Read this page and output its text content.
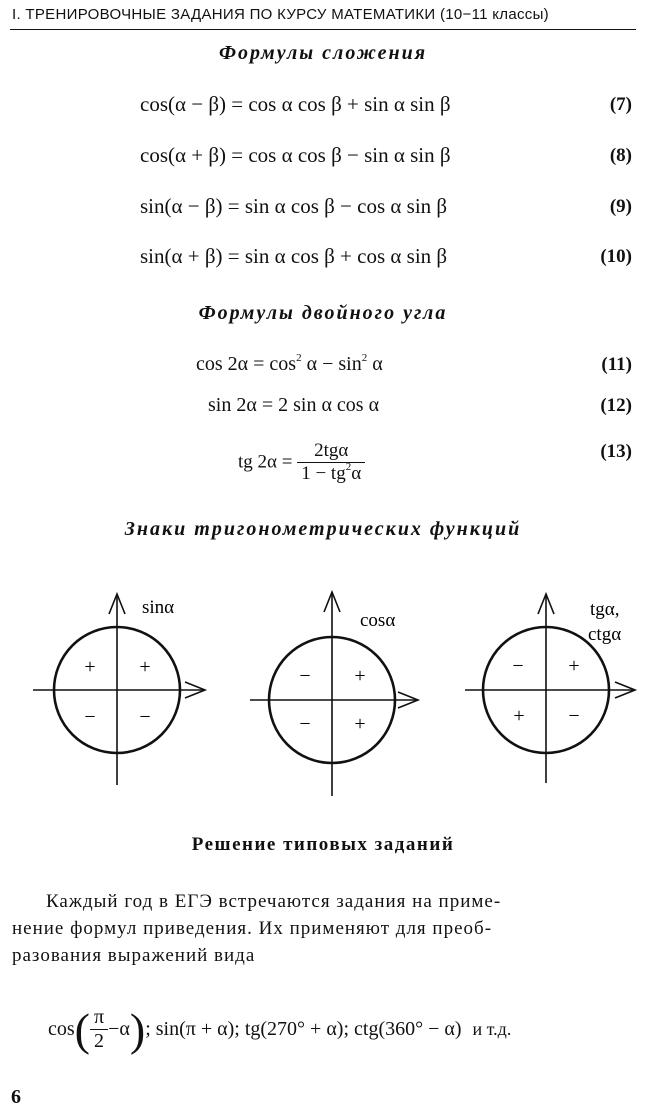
I. ТРЕНИРОВОЧНЫЕ ЗАДАНИЯ ПО КУРСУ МАТЕМАТИКИ (10−11 классы)
Формулы сложения
cos(α − β) = cos α cos β + sin α sin β	(7)
cos(α + β) = cos α cos β − sin α sin β	(8)
sin(α − β) = sin α cos β − cos α sin β	(9)
sin(α + β) = sin α cos β + cos α sin β	(10)
Формулы двойного угла
$\cos 2\alpha = \cos^2 \alpha - \sin^2 \alpha$	(11)
sin 2α = 2 sin α cos α	(12)
tg $2\alpha = \frac{\text{2tgα}}{1 - tg^2\alpha}$	(13)
Знаки тригонометрических функций
sinα
+ +
− −
cosα
− +
− +
tgα,
ctgα
− +
+ −
Решение типовых заданий
Каждый год в ЕГЭ встречаются задания на приме-
нение формул приведения. Их применяют для преоб-
разования выражений вида
$\cos( \frac{\pi}{2} -\alpha)$; sin(π + α); tg(270° + α); ctg(360° − α) и т.д.
6
